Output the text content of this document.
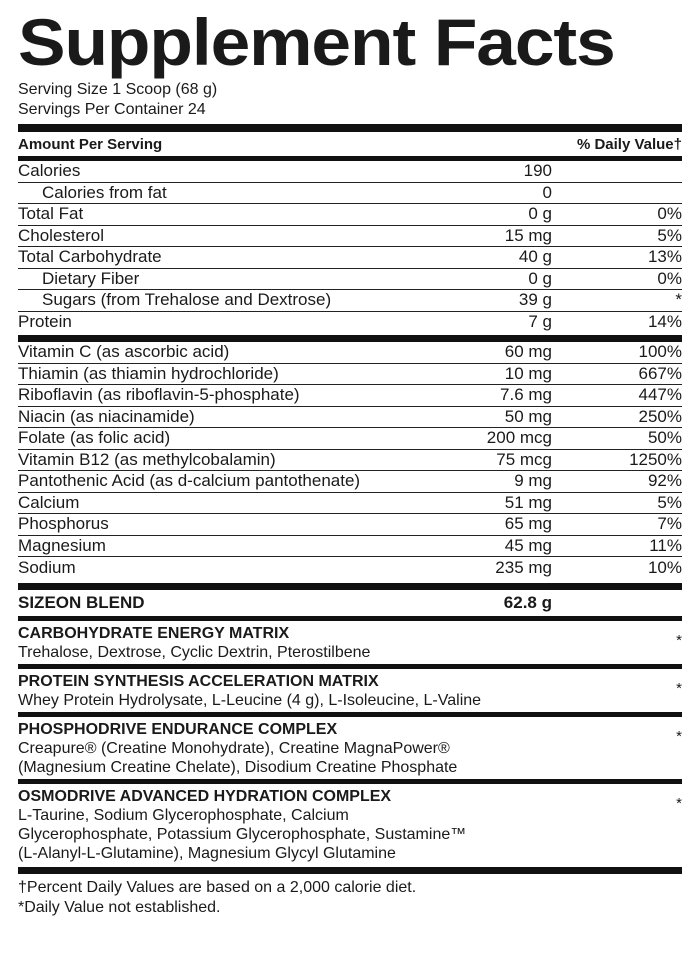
Supplement Facts
Serving Size 1 Scoop (68 g)
Servings Per Container 24
Amount Per Serving	% Daily Value†
Calories	190
Calories from fat	0
Total Fat	0 g	0%
Cholesterol	15 mg	5%
Total Carbohydrate	40 g	13%
Dietary Fiber	0 g	0%
Sugars (from Trehalose and Dextrose)	39 g	*
Protein	7 g	14%
Vitamin C (as ascorbic acid)	60 mg	100%
Thiamin (as thiamin hydrochloride)	10 mg	667%
Riboflavin (as riboflavin-5-phosphate)	7.6 mg	447%
Niacin (as niacinamide)	50 mg	250%
Folate (as folic acid)	200 mcg	50%
Vitamin B12 (as methylcobalamin)	75 mcg	1250%
Pantothenic Acid (as d-calcium pantothenate)	9 mg	92%
Calcium	51 mg	5%
Phosphorus	65 mg	7%
Magnesium	45 mg	11%
Sodium	235 mg	10%
SIZEON BLEND	62.8 g
CARBOHYDRATE ENERGY MATRIX	*
Trehalose, Dextrose, Cyclic Dextrin, Pterostilbene
PROTEIN SYNTHESIS ACCELERATION MATRIX	*
Whey Protein Hydrolysate, L-Leucine (4 g), L-Isoleucine, L-Valine
PHOSPHODRIVE ENDURANCE COMPLEX	*
Creapure® (Creatine Monohydrate), Creatine MagnaPower®
(Magnesium Creatine Chelate), Disodium Creatine Phosphate
OSMODRIVE ADVANCED HYDRATION COMPLEX	*
L-Taurine, Sodium Glycerophosphate, Calcium
Glycerophosphate, Potassium Glycerophosphate, Sustamine™
(L-Alanyl-L-Glutamine), Magnesium Glycyl Glutamine
†Percent Daily Values are based on a 2,000 calorie diet.
*Daily Value not established.
